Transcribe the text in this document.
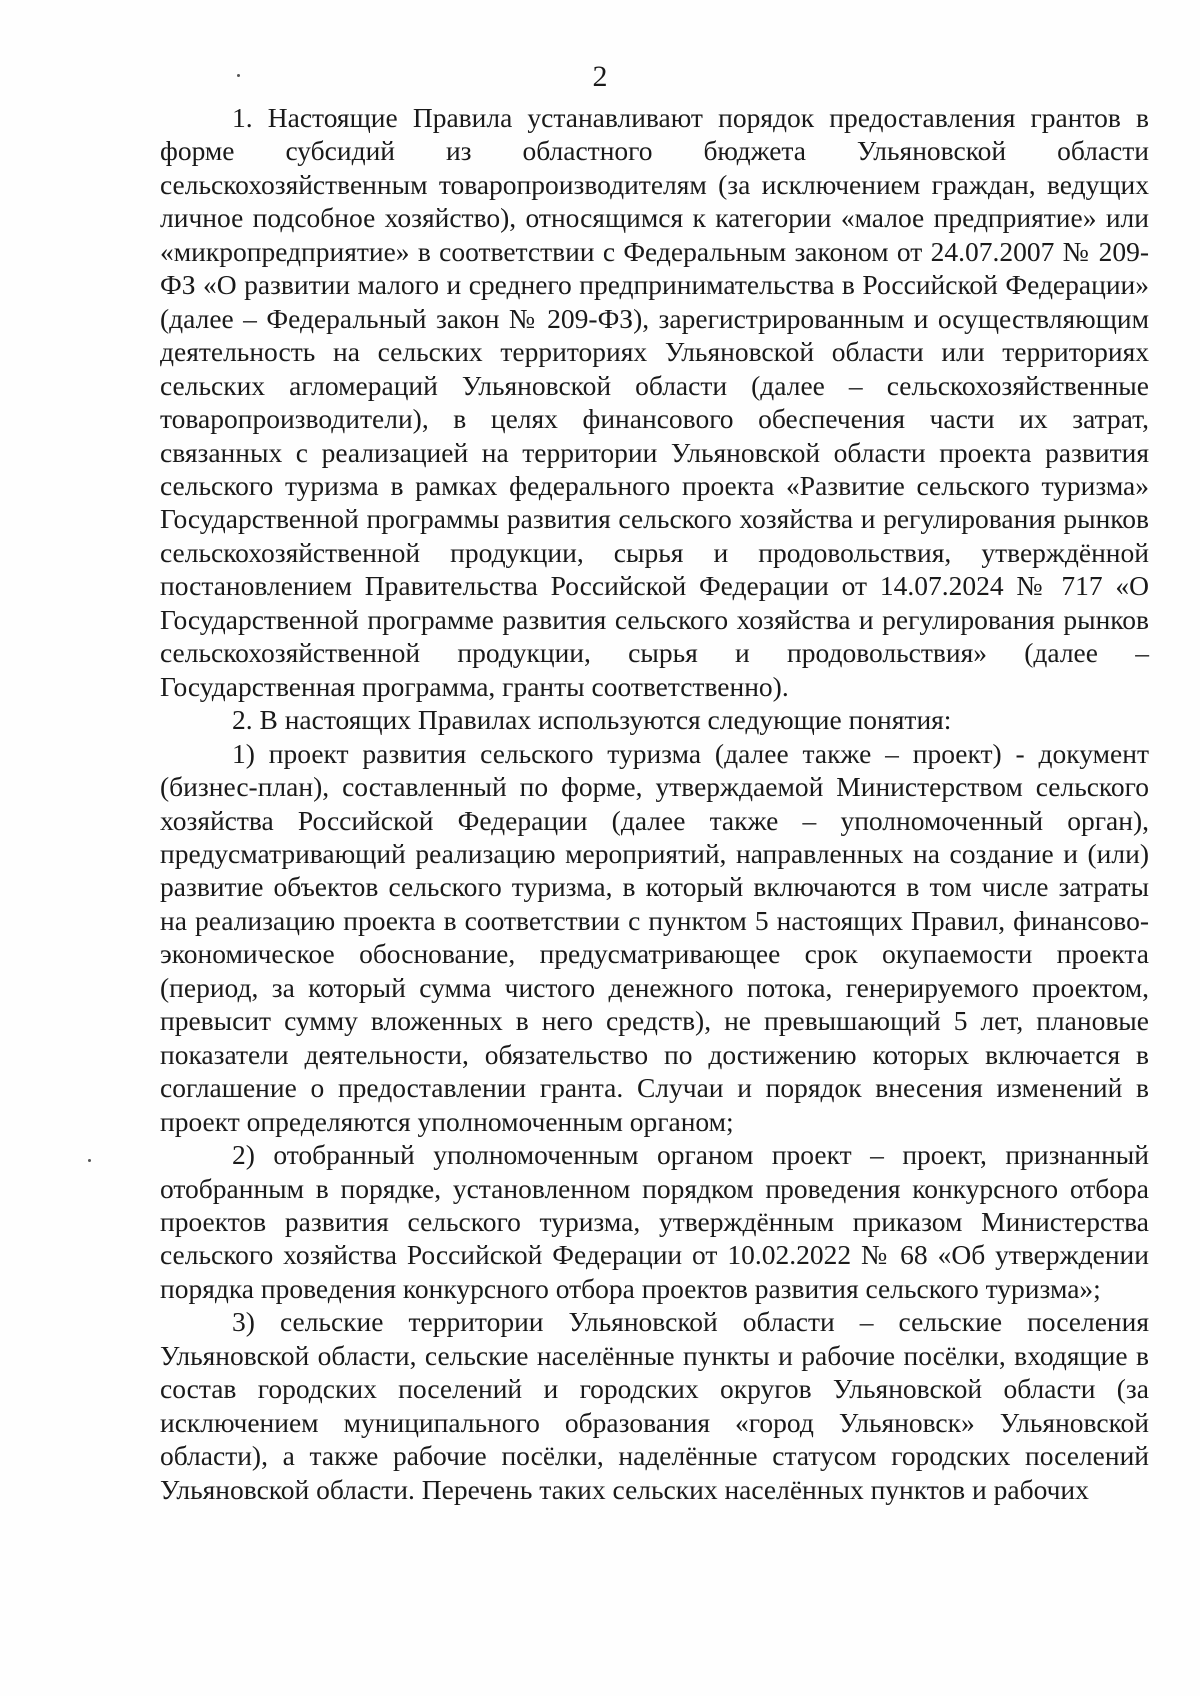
2

1. Настоящие Правила устанавливают порядок предоставления грантов в форме субсидий из областного бюджета Ульяновской области сельскохозяйственным товаропроизводителям (за исключением граждан, ведущих личное подсобное хозяйство), относящимся к категории «малое предприятие» или «микропредприятие» в соответствии с Федеральным законом от 24.07.2007 № 209-ФЗ «О развитии малого и среднего предпринимательства в Российской Федерации» (далее – Федеральный закон № 209-ФЗ), зарегистрированным и осуществляющим деятельность на сельских территориях Ульяновской области или территориях сельских агломераций Ульяновской области (далее – сельскохозяйственные товаропроизводители), в целях финансового обеспечения части их затрат, связанных с реализацией на территории Ульяновской области проекта развития сельского туризма в рамках федерального проекта «Развитие сельского туризма» Государственной программы развития сельского хозяйства и регулирования рынков сельскохозяйственной продукции, сырья и продовольствия, утверждённой постановлением Правительства Российской Федерации от 14.07.2024 № 717 «О Государственной программе развития сельского хозяйства и регулирования рынков сельскохозяйственной продукции, сырья и продовольствия» (далее – Государственная программа, гранты соответственно).

2. В настоящих Правилах используются следующие понятия:

1) проект развития сельского туризма (далее также – проект) - документ (бизнес-план), составленный по форме, утверждаемой Министерством сельского хозяйства Российской Федерации (далее также – уполномоченный орган), предусматривающий реализацию мероприятий, направленных на создание и (или) развитие объектов сельского туризма, в который включаются в том числе затраты на реализацию проекта в соответствии с пунктом 5 настоящих Правил, финансово-экономическое обоснование, предусматривающее срок окупаемости проекта (период, за который сумма чистого денежного потока, генерируемого проектом, превысит сумму вложенных в него средств), не превышающий 5 лет, плановые показатели деятельности, обязательство по достижению которых включается в соглашение о предоставлении гранта. Случаи и порядок внесения изменений в проект определяются уполномоченным органом;

2) отобранный уполномоченным органом проект – проект, признанный отобранным в порядке, установленном порядком проведения конкурсного отбора проектов развития сельского туризма, утверждённым приказом Министерства сельского хозяйства Российской Федерации от 10.02.2022 № 68 «Об утверждении порядка проведения конкурсного отбора проектов развития сельского туризма»;

3) сельские территории Ульяновской области – сельские поселения Ульяновской области, сельские населённые пункты и рабочие посёлки, входящие в состав городских поселений и городских округов Ульяновской области (за исключением муниципального образования «город Ульяновск» Ульяновской области), а также рабочие посёлки, наделённые статусом городских поселений Ульяновской области. Перечень таких сельских населённых пунктов и рабочих
